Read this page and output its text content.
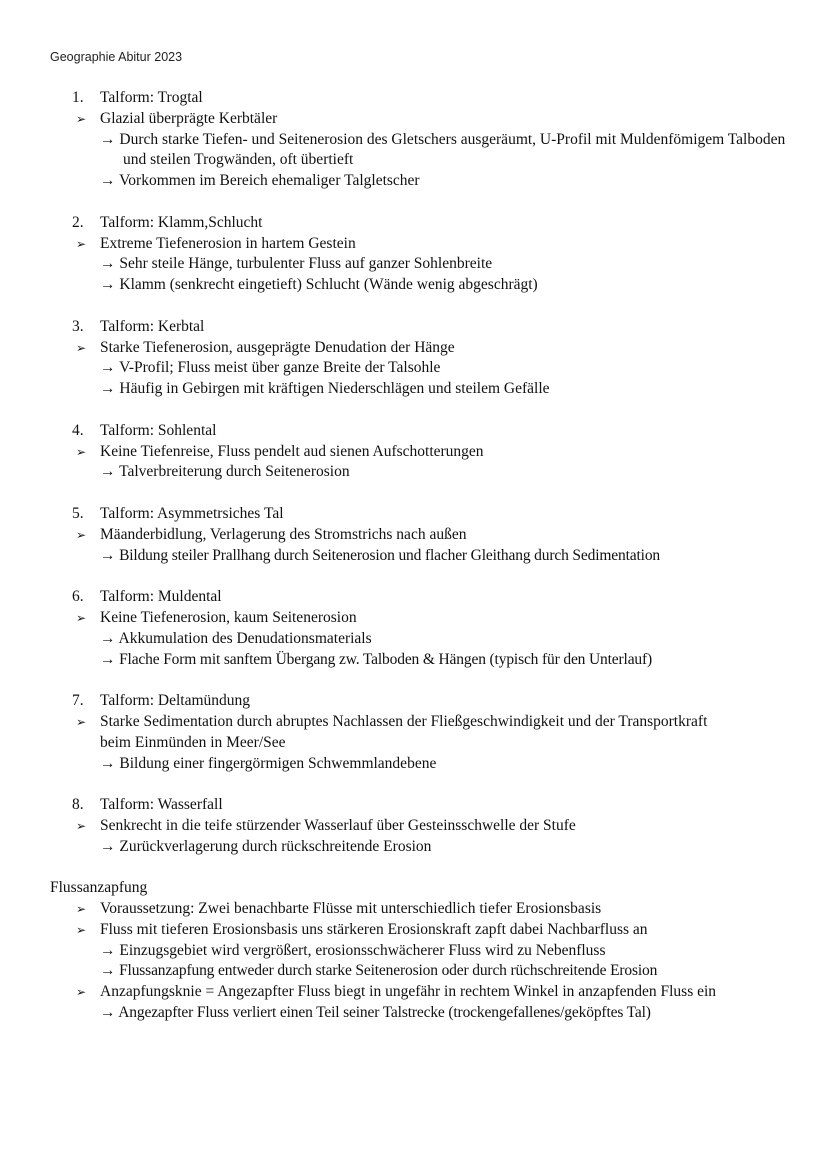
Geographie Abitur 2023
1. Talform: Trogtal
➢ Glazial überprägte Kerbtäler
→ Durch starke Tiefen- und Seitenerosion des Gletschers ausgeräumt, U-Profil mit Muldenfömigem Talboden und steilen Trogwänden, oft übertieft
→ Vorkommen im Bereich ehemaliger Talgletscher
2. Talform: Klamm,Schlucht
➢ Extreme Tiefenerosion in hartem Gestein
→ Sehr steile Hänge, turbulenter Fluss auf ganzer Sohlenbreite
→ Klamm (senkrecht eingetieft) Schlucht (Wände wenig abgeschrägt)
3. Talform: Kerbtal
➢ Starke Tiefenerosion, ausgeprägte Denudation der Hänge
→ V-Profil; Fluss meist über ganze Breite der Talsohle
→ Häufig in Gebirgen mit kräftigen Niederschlägen und steilem Gefälle
4. Talform: Sohlental
➢ Keine Tiefenreise, Fluss pendelt aud sienen Aufschotterungen
→ Talverbreiterung durch Seitenerosion
5. Talform: Asymmetrsiches Tal
➢ Mäanderbidlung, Verlagerung des Stromstrichs nach außen
→ Bildung steiler Prallhang durch Seitenerosion und flacher Gleithang durch Sedimentation
6. Talform: Muldental
➢ Keine Tiefenerosion, kaum Seitenerosion
→ Akkumulation des Denudationsmaterials
→ Flache Form mit sanftem Übergang zw. Talboden & Hängen (typisch für den Unterlauf)
7. Talform: Deltamündung
➢ Starke Sedimentation durch abruptes Nachlassen der Fließgeschwindigkeit und der Transportkraft beim Einmünden in Meer/See
→ Bildung einer fingergörmigen Schwemmlandebene
8. Talform: Wasserfall
➢ Senkrecht in die teife stürzender Wasserlauf über Gesteinsschwelle der Stufe
→ Zurückverlagerung durch rückschreitende Erosion
Flussanzapfung
➢ Voraussetzung: Zwei benachbarte Flüsse mit unterschiedlich tiefer Erosionsbasis
➢ Fluss mit tieferen Erosionsbasis uns stärkeren Erosionskraft zapft dabei Nachbarfluss an
→ Einzugsgebiet wird vergrößert, erosionsschwächerer Fluss wird zu Nebenfluss
→ Flussanzapfung entweder durch starke Seitenerosion oder durch rüchschreitende Erosion
➢ Anzapfungsknie = Angezapfter Fluss biegt in ungefähr in rechtem Winkel in anzapfenden Fluss ein
→ Angezapfter Fluss verliert einen Teil seiner Talstrecke (trockengefallenes/geköpftes Tal)
